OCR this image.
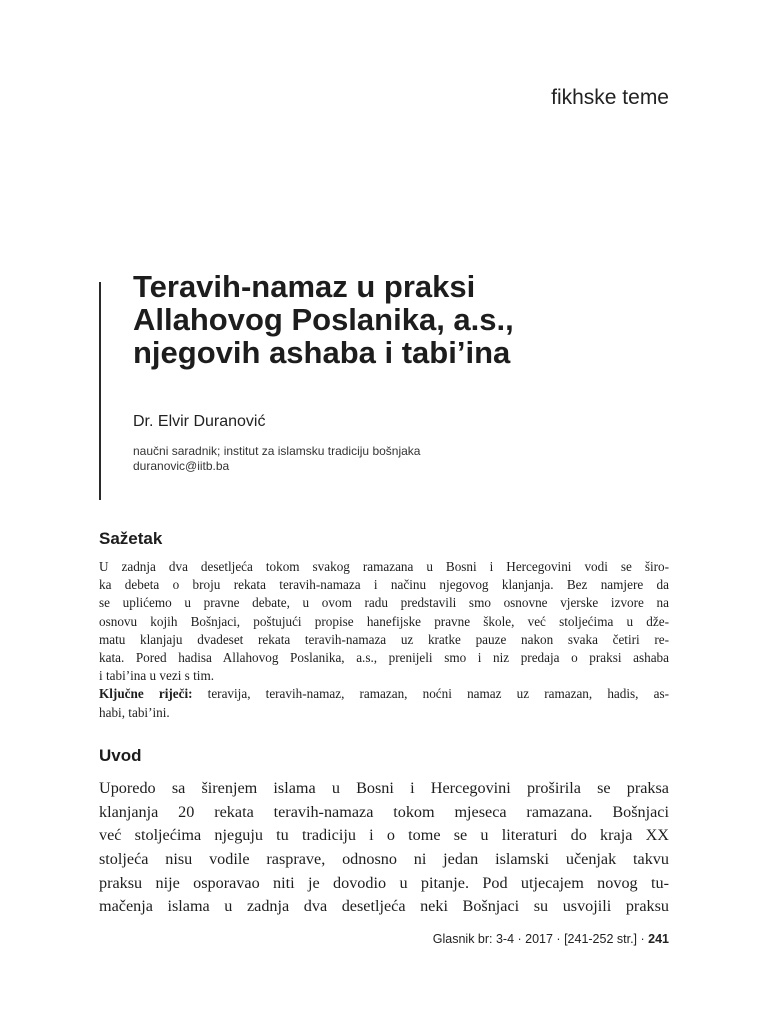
fikhske teme
Teravih-namaz u praksi
Allahovog Poslanika, a.s.,
njegovih ashaba i tabi’ina
Dr. Elvir Duranović
naučni saradnik; institut za islamsku tradiciju bošnjaka
duranovic@iitb.ba
Sažetak
U zadnja dva desetljeća tokom svakog ramazana u Bosni i Hercegovini vodi se širo-
ka debeta o broju rekata teravih-namaza i načinu njegovog klanjanja. Bez namjere da
se uplićemo u pravne debate, u ovom radu predstavili smo osnovne vjerske izvore na
osnovu kojih Bošnjaci, poštujući propise hanefijske pravne škole, već stoljećima u dže-
matu klanjaju dvadeset rekata teravih-namaza uz kratke pauze nakon svaka četiri re-
kata. Pored hadisa Allahovog Poslanika, a.s., prenijeli smo i niz predaja o praksi ashaba
i tabi’ina u vezi s tim.
Ključne riječi: teravija, teravih-namaz, ramazan, noćni namaz uz ramazan, hadis, as-
habi, tabi’ini.
Uvod
Uporedo sa širenjem islama u Bosni i Hercegovini proširila se praksa
klanjanja 20 rekata teravih-namaza tokom mjeseca ramazana. Bošnjaci
već stoljećima njeguju tu tradiciju i o tome se u literaturi do kraja XX
stoljeća nisu vodile rasprave, odnosno ni jedan islamski učenjak takvu
praksu nije osporavao niti je dovodio u pitanje. Pod utjecajem novog tu-
mačenja islama u zadnja dva desetljeća neki Bošnjaci su usvojili praksu
Glasnik br: 3-4 · 2017 · [241-252 str.] · 241
